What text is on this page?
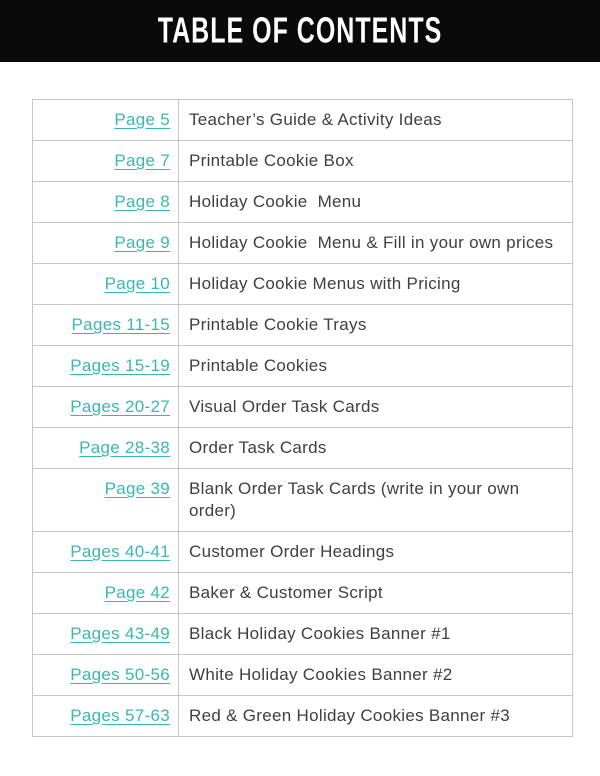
TABLE OF CONTENTS
Page 5	Teacher’s Guide & Activity Ideas
Page 7	Printable Cookie Box
Page 8	Holiday Cookie  Menu
Page 9	Holiday Cookie  Menu & Fill in your own prices
Page 10	Holiday Cookie Menus with Pricing
Pages 11-15	Printable Cookie Trays
Pages 15-19	Printable Cookies
Pages 20-27	Visual Order Task Cards
Page 28-38	Order Task Cards
Page 39	Blank Order Task Cards (write in your own order)
Pages 40-41	Customer Order Headings
Page 42	Baker & Customer Script
Pages 43-49	Black Holiday Cookies Banner #1
Pages 50-56	White Holiday Cookies Banner #2
Pages 57-63	Red & Green Holiday Cookies Banner #3
